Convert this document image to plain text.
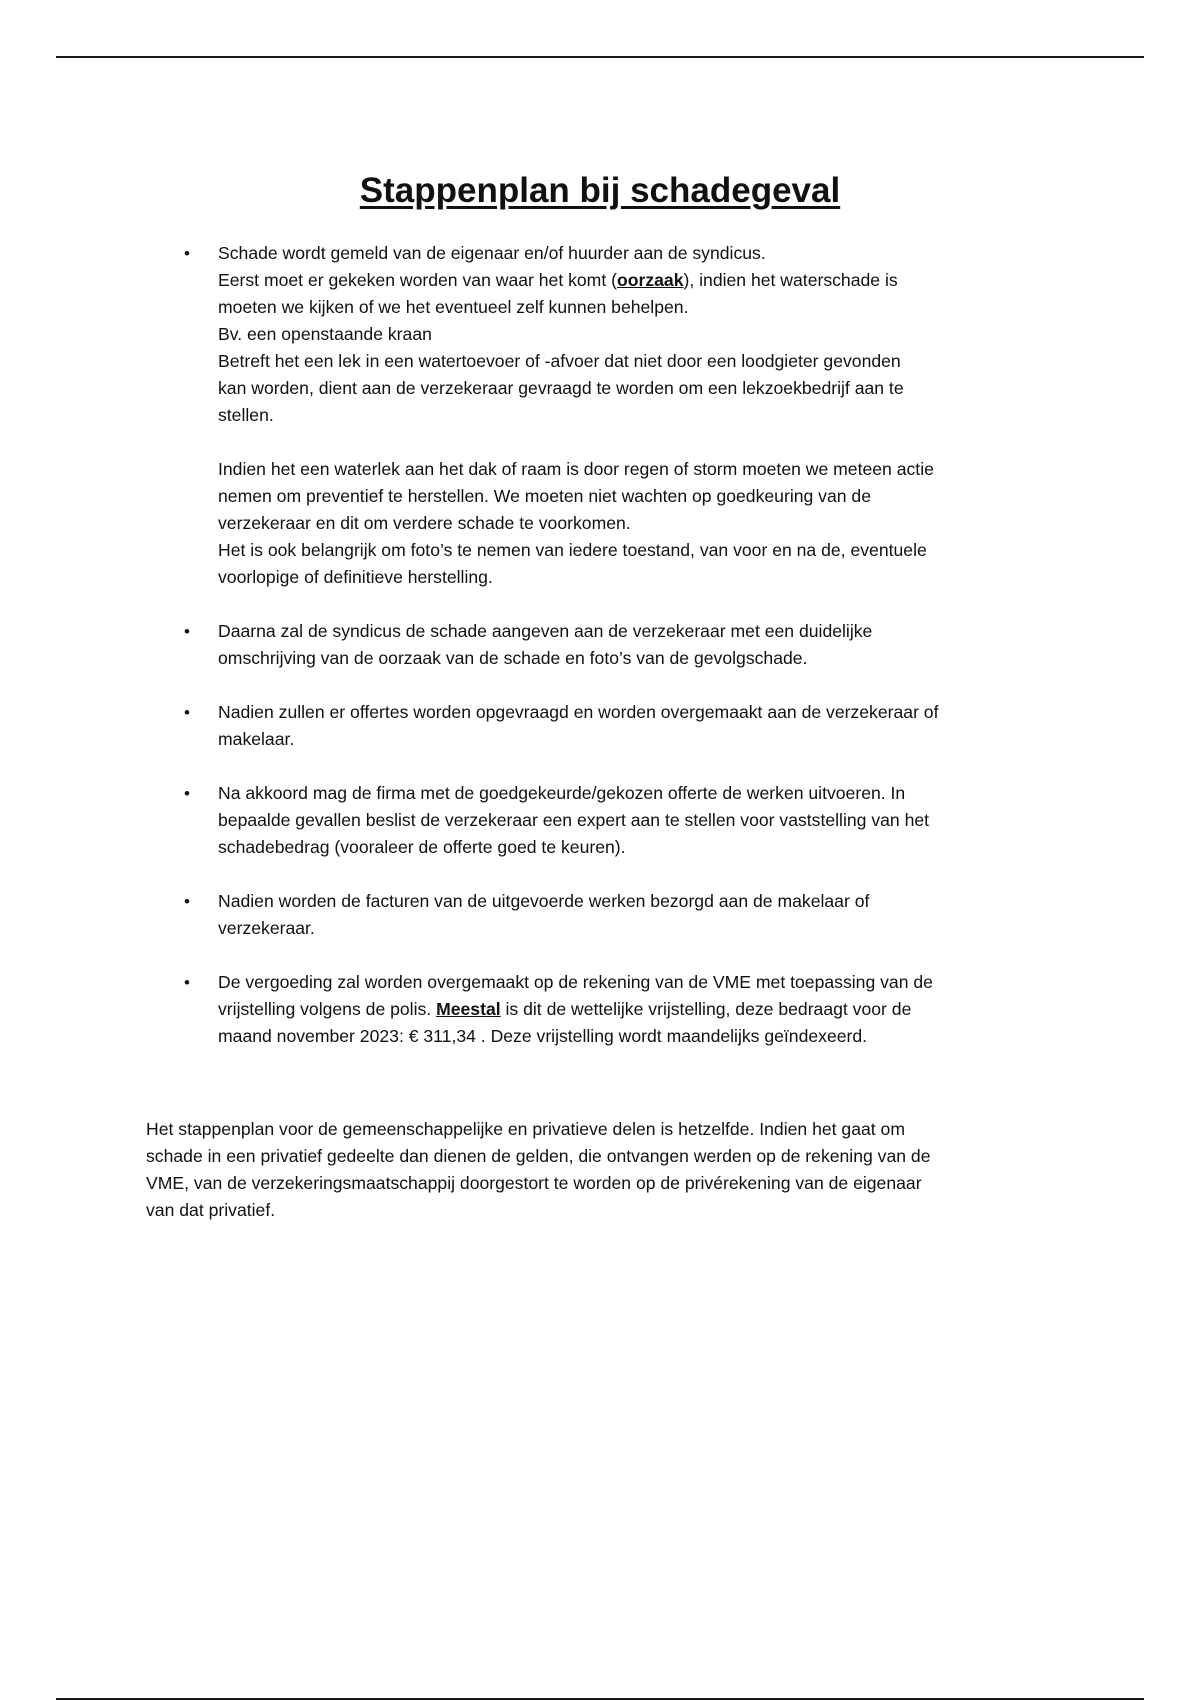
Stappenplan bij schadegeval
• Schade wordt gemeld van de eigenaar en/of huurder aan de syndicus.
Eerst moet er gekeken worden van waar het komt (oorzaak), indien het waterschade is
moeten we kijken of we het eventueel zelf kunnen behelpen.
Bv. een openstaande kraan
Betreft het een lek in een watertoevoer of -afvoer dat niet door een loodgieter gevonden
kan worden, dient aan de verzekeraar gevraagd te worden om een lekzoekbedrijf aan te
stellen.
Indien het een waterlek aan het dak of raam is door regen of storm moeten we meteen actie
nemen om preventief te herstellen. We moeten niet wachten op goedkeuring van de
verzekeraar en dit om verdere schade te voorkomen.
Het is ook belangrijk om foto’s te nemen van iedere toestand, van voor en na de, eventuele
voorlopige of definitieve herstelling.
• Daarna zal de syndicus de schade aangeven aan de verzekeraar met een duidelijke
omschrijving van de oorzaak van de schade en foto’s van de gevolgschade.
• Nadien zullen er offertes worden opgevraagd en worden overgemaakt aan de verzekeraar of
makelaar.
• Na akkoord mag de firma met de goedgekeurde/gekozen offerte de werken uitvoeren. In
bepaalde gevallen beslist de verzekeraar een expert aan te stellen voor vaststelling van het
schadebedrag (vooraleer de offerte goed te keuren).
• Nadien worden de facturen van de uitgevoerde werken bezorgd aan de makelaar of
verzekeraar.
• De vergoeding zal worden overgemaakt op de rekening van de VME met toepassing van de
vrijstelling volgens de polis. Meestal is dit de wettelijke vrijstelling, deze bedraagt voor de
maand november 2023: € 311,34 . Deze vrijstelling wordt maandelijks geïndexeerd.
Het stappenplan voor de gemeenschappelijke en privatieve delen is hetzelfde. Indien het gaat om
schade in een privatief gedeelte dan dienen de gelden, die ontvangen werden op de rekening van de
VME, van de verzekeringsmaatschappij doorgestort te worden op de privérekening van de eigenaar
van dat privatief.
